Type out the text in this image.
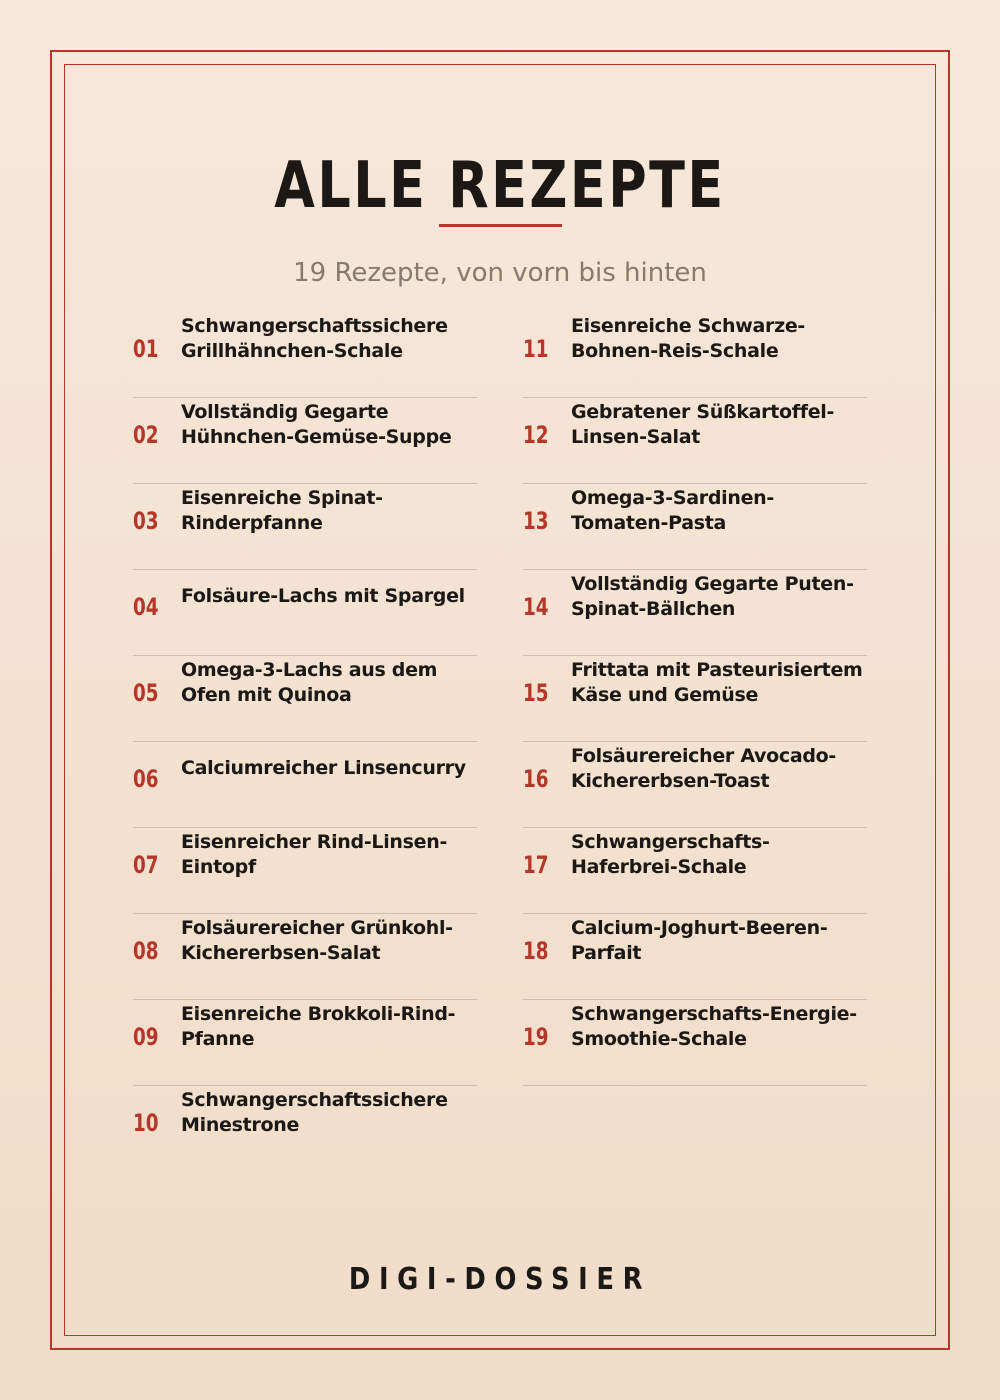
ALLE REZEPTE
19 Rezepte, von vorn bis hinten
01
Schwangerschaftssichere Grillhähnchen-Schale
02
Vollständig Gegarte Hühnchen-Gemüse-Suppe
03
Eisenreiche Spinat-Rinderpfanne
04 Folsäure-Lachs mit Spargel
05
Omega-3-Lachs aus dem Ofen mit Quinoa
06 Calciumreicher Linsencurry
07
Eisenreicher Rind-Linsen-Eintopf
08
Folsäurereicher Grünkohl-Kichererbsen-Salat
09
Eisenreiche Brokkoli-Rind-Pfanne
10
Schwangerschaftssichere Minestrone
11
Eisenreiche Schwarze-Bohnen-Reis-Schale
12
Gebratener Süßkartoffel-Linsen-Salat
13
Omega-3-Sardinen-Tomaten-Pasta
14
Vollständig Gegarte Puten-Spinat-Bällchen
15
Frittata mit Pasteurisiertem Käse und Gemüse
16
Folsäurereicher Avocado-Kichererbsen-Toast
17
Schwangerschafts-Haferbrei-Schale
18
Calcium-Joghurt-Beeren-Parfait
19
Schwangerschafts-Energie-Smoothie-Schale
DIGI-DOSSIER
